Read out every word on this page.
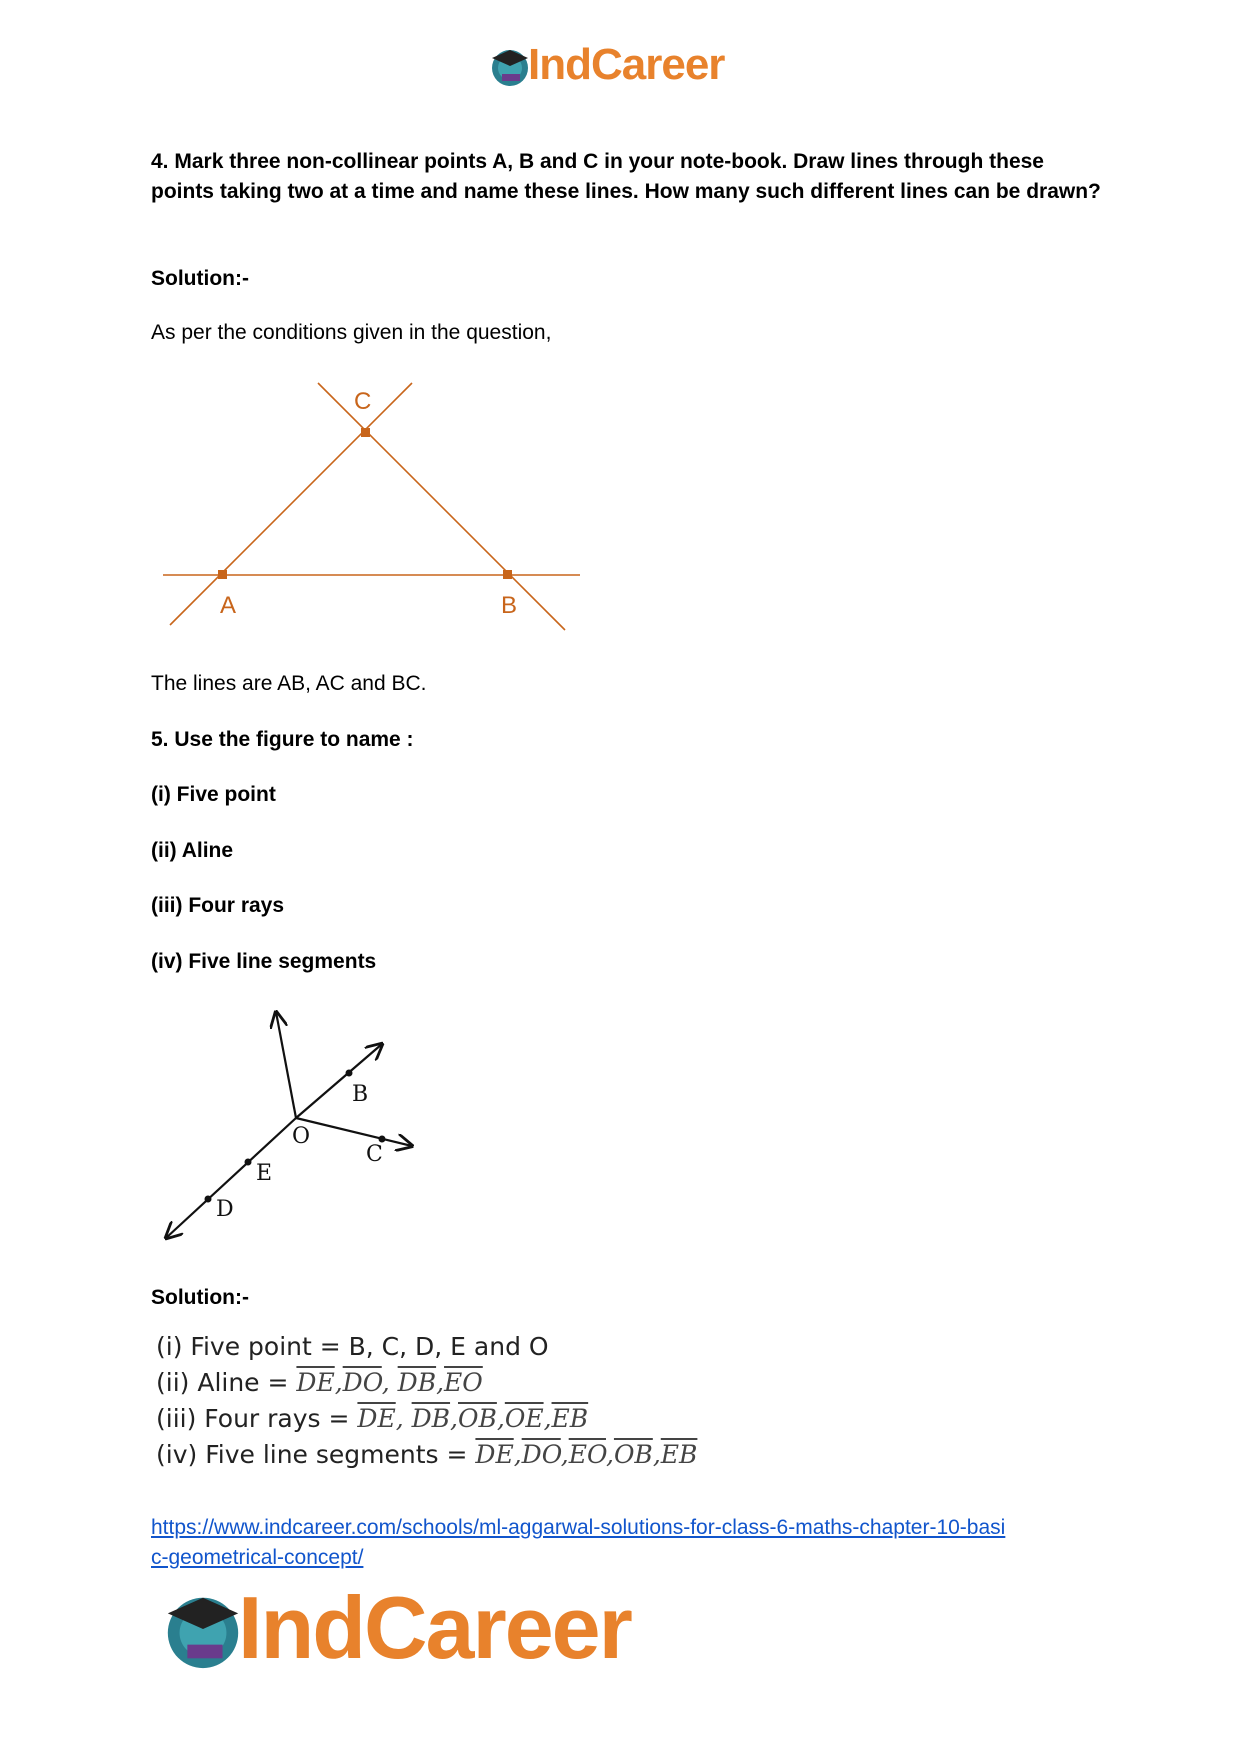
IndCareer
4. Mark three non-collinear points A, B and C in your note-book. Draw lines through these points taking two at a time and name these lines. How many such different lines can be drawn?
Solution:-
As per the conditions given in the question,
A	B
C
The lines are AB, AC and BC.
5. Use the figure to name :
(i) Five point
(ii) Aline
(iii) Four rays
(iv) Five line segments
B
O
C
E
D
Solution:-
(i) Five point = B, C, D, E and O
(ii) Aline = $\overline{DE},\overline{DO}$, $\overline{DB},\overline{EO}$
(iii) Four rays = $\overline{DE}$, $\overline{DB},\overline{OB},\overline{OE},\overline{EB}$
(iv) Five line segments = $\overline{DE},\overline{DO},\overline{EO},\overline{OB},\overline{EB}$
https://www.indcareer.com/schools/ml-aggarwal-solutions-for-class-6-maths-chapter-10-basi
c-geometrical-concept/
IndCareer
